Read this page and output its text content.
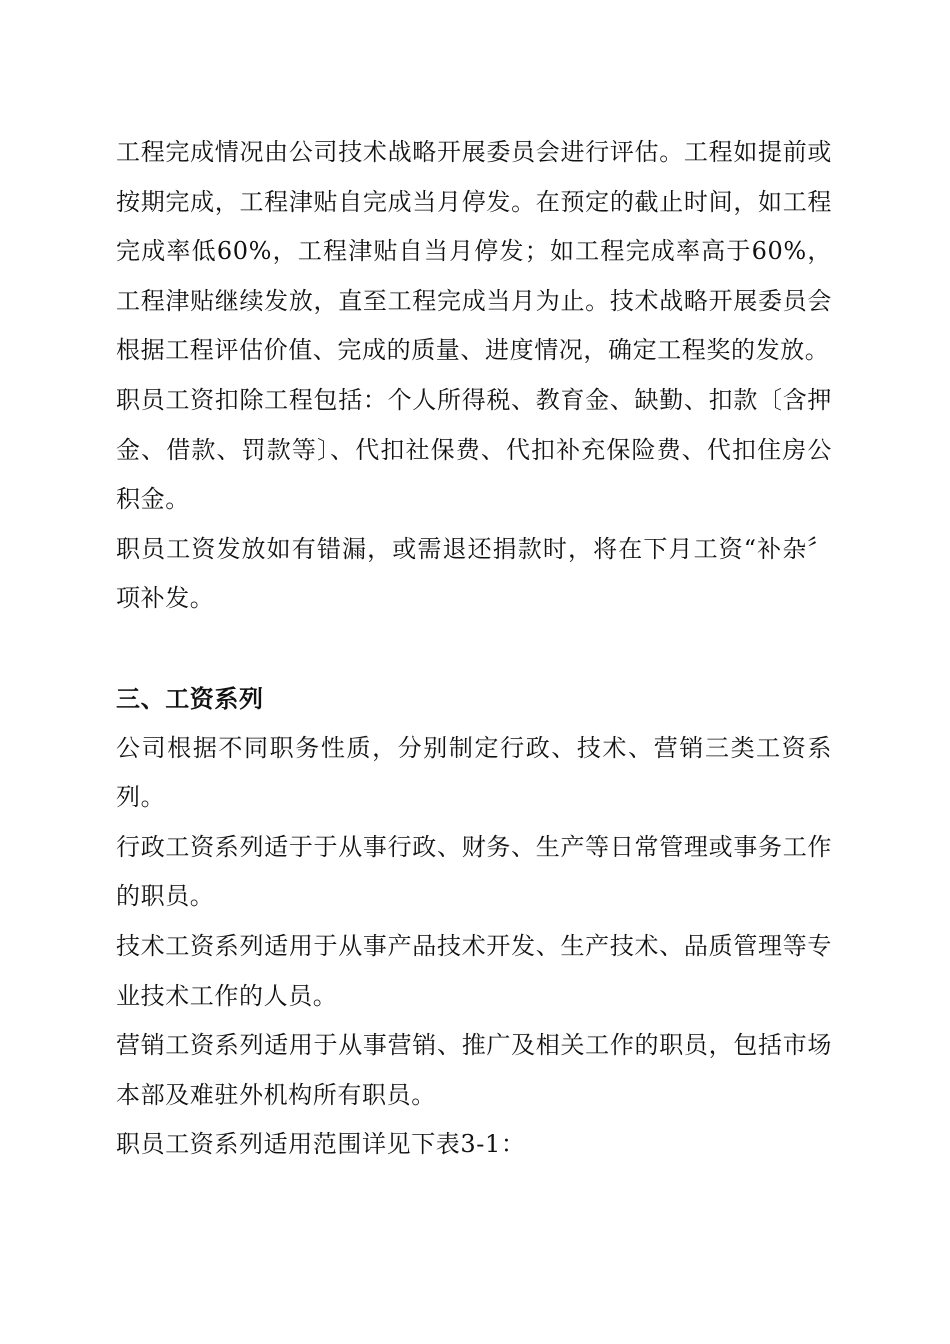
工程完成情况由公司技术战略开展委员会进行评估。工程如提前或按期完成，工程津贴自完成当月停发。在预定的截止时间，如工程完成率低60%，工程津贴自当月停发；如工程完成率高于60%，工程津贴继续发放，直至工程完成当月为止。技术战略开展委员会根据工程评估价值、完成的质量、进度情况，确定工程奖的发放。

职员工资扣除工程包括：个人所得税、教育金、缺勤、扣款〔含押金、借款、罚款等〕、代扣社保费、代扣补充保险费、代扣住房公积金。

职员工资发放如有错漏，或需退还捐款时，将在下月工资“补杂〞项补发。

三、工资系列

公司根据不同职务性质，分别制定行政、技术、营销三类工资系列。

行政工资系列适于于从事行政、财务、生产等日常管理或事务工作的职员。

技术工资系列适用于从事产品技术开发、生产技术、品质管理等专业技术工作的人员。

营销工资系列适用于从事营销、推广及相关工作的职员，包括市场本部及难驻外机构所有职员。

职员工资系列适用范围详见下表3-1：
